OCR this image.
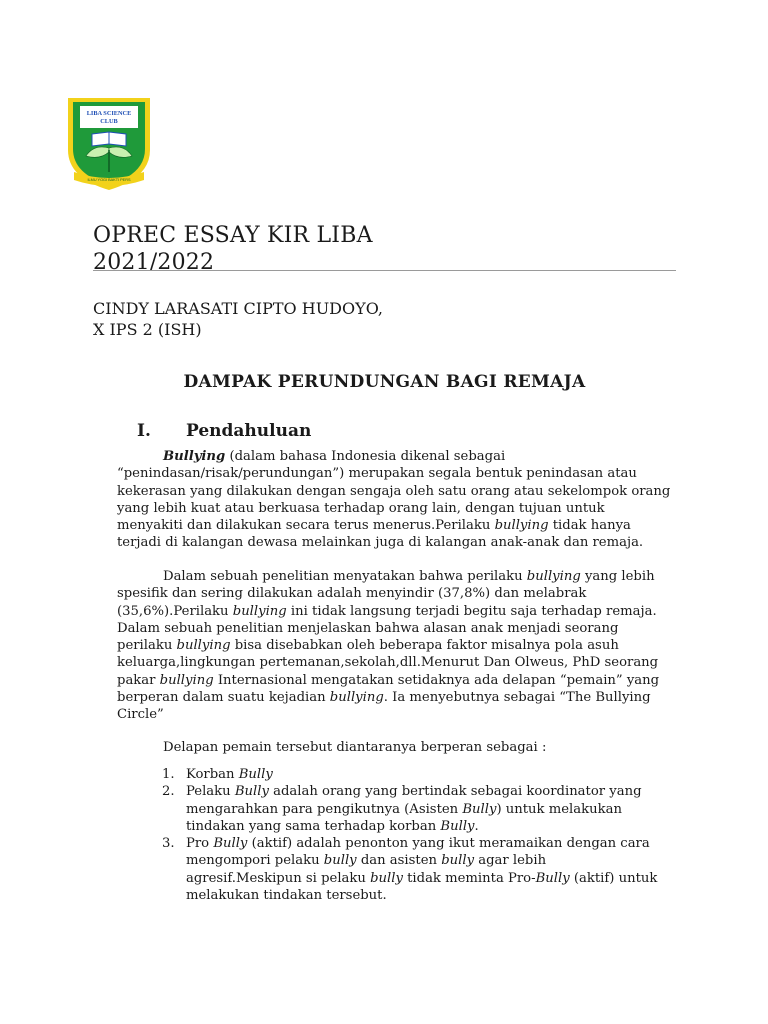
LIBA SCIENCE
CLUB
ILMU YOGI BAKTI PERS
OPREC ESSAY KIR LIBA
2021/2022
CINDY LARASATI CIPTO HUDOYO,
X IPS 2 (ISH)
DAMPAK PERUNDUNGAN BAGI REMAJA
I. Pendahuluan
Bullying (dalam bahasa Indonesia dikenal sebagai
“penindasan/risak/perundungan”) merupakan segala bentuk penindasan atau
kekerasan yang dilakukan dengan sengaja oleh satu orang atau sekelompok orang
yang lebih kuat atau berkuasa terhadap orang lain, dengan tujuan untuk
menyakiti dan dilakukan secara terus menerus.Perilaku bullying tidak hanya
terjadi di kalangan dewasa melainkan juga di kalangan anak-anak dan remaja.
Dalam sebuah penelitian menyatakan bahwa perilaku bullying yang lebih
spesifik dan sering dilakukan adalah menyindir (37,8%) dan melabrak
(35,6%).Perilaku bullying ini tidak langsung terjadi begitu saja terhadap remaja.
Dalam sebuah penelitian menjelaskan bahwa alasan anak menjadi seorang
perilaku bullying bisa disebabkan oleh beberapa faktor misalnya pola asuh
keluarga,lingkungan pertemanan,sekolah,dll.Menurut Dan Olweus, PhD seorang
pakar bullying Internasional mengatakan setidaknya ada delapan “pemain” yang
berperan dalam suatu kejadian bullying. Ia menyebutnya sebagai “The Bullying
Circle”
Delapan pemain tersebut diantaranya berperan sebagai :
1. Korban Bully
2. Pelaku Bully adalah orang yang bertindak sebagai koordinator yang
mengarahkan para pengikutnya (Asisten Bully) untuk melakukan
tindakan yang sama terhadap korban Bully.
3. Pro Bully (aktif) adalah penonton yang ikut meramaikan dengan cara
mengompori pelaku bully dan asisten bully agar lebih
agresif.Meskipun si pelaku bully tidak meminta Pro-Bully (aktif) untuk
melakukan tindakan tersebut.
